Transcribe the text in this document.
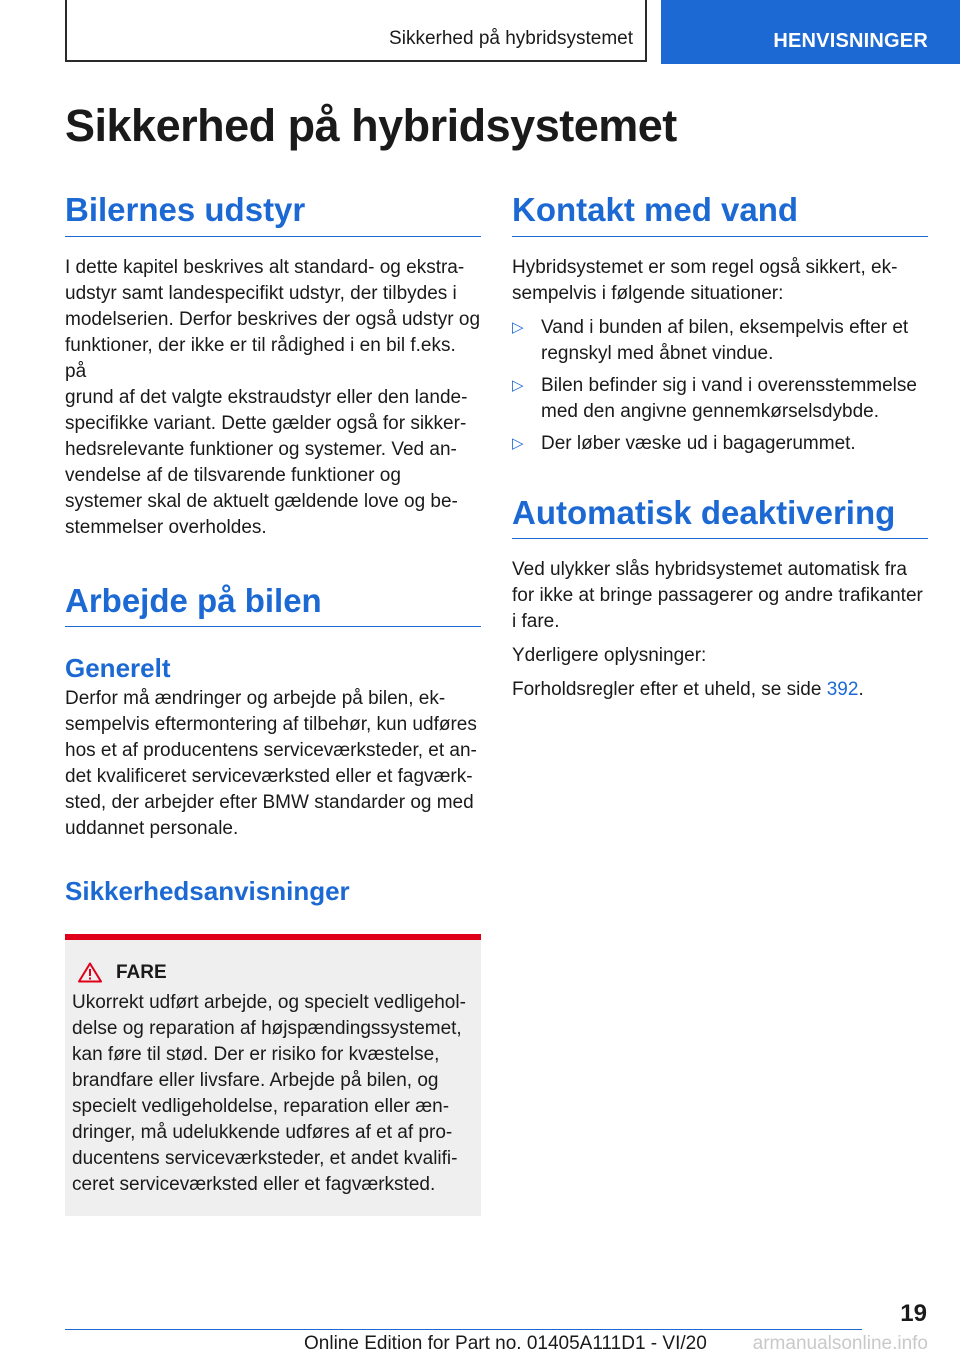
Sikkerhed på hybridsystemet	HENVISNINGER
Sikkerhed på hybridsystemet
Bilernes udstyr

I dette kapitel beskrives alt standard- og ekstra-
udstyr samt landespecifikt udstyr, der tilbydes i
modelserien. Derfor beskrives der også udstyr og
funktioner, der ikke er til rådighed i en bil f.eks. på
grund af det valgte ekstraudstyr eller den lande-
specifikke variant. Dette gælder også for sikker-
hedsrelevante funktioner og systemer. Ved an-
vendelse af de tilsvarende funktioner og
systemer skal de aktuelt gældende love og be-
stemmelser overholdes.

Arbejde på bilen
Generelt

Derfor må ændringer og arbejde på bilen, ek-
sempelvis eftermontering af tilbehør, kun udføres
hos et af producentens serviceværksteder, et an-
det kvalificeret serviceværksted eller et fagværk-
sted, der arbejder efter BMW standarder og med
uddannet personale.

Sikkerhedsanvisninger
FARE

Ukorrekt udført arbejde, og specielt vedligehol-
delse og reparation af højspændingssystemet,
kan føre til stød. Der er risiko for kvæstelse,
brandfare eller livsfare. Arbejde på bilen, og
specielt vedligeholdelse, reparation eller æn-
dringer, må udelukkende udføres af et af pro-
ducentens serviceværksteder, et andet kvalifi-
ceret serviceværksted eller et fagværksted.

Kontakt med vand

Hybridsystemet er som regel også sikkert, ek-
sempelvis i følgende situationer:

▷ Vand i bunden af bilen, eksempelvis efter et
regnskyl med åbnet vindue.
▷ Bilen befinder sig i vand i overensstemmelse
med den angivne gennemkørselsdybde.
▷ Der løber væske ud i bagagerummet.
Automatisk deaktivering

Ved ulykker slås hybridsystemet automatisk fra
for ikke at bringe passagerer og andre trafikanter
i fare.

Yderligere oplysninger:

Forholdsregler efter et uheld, se side 392.

19
Online Edition for Part no. 01405A111D1 - VI/20 armanualsonline.info
